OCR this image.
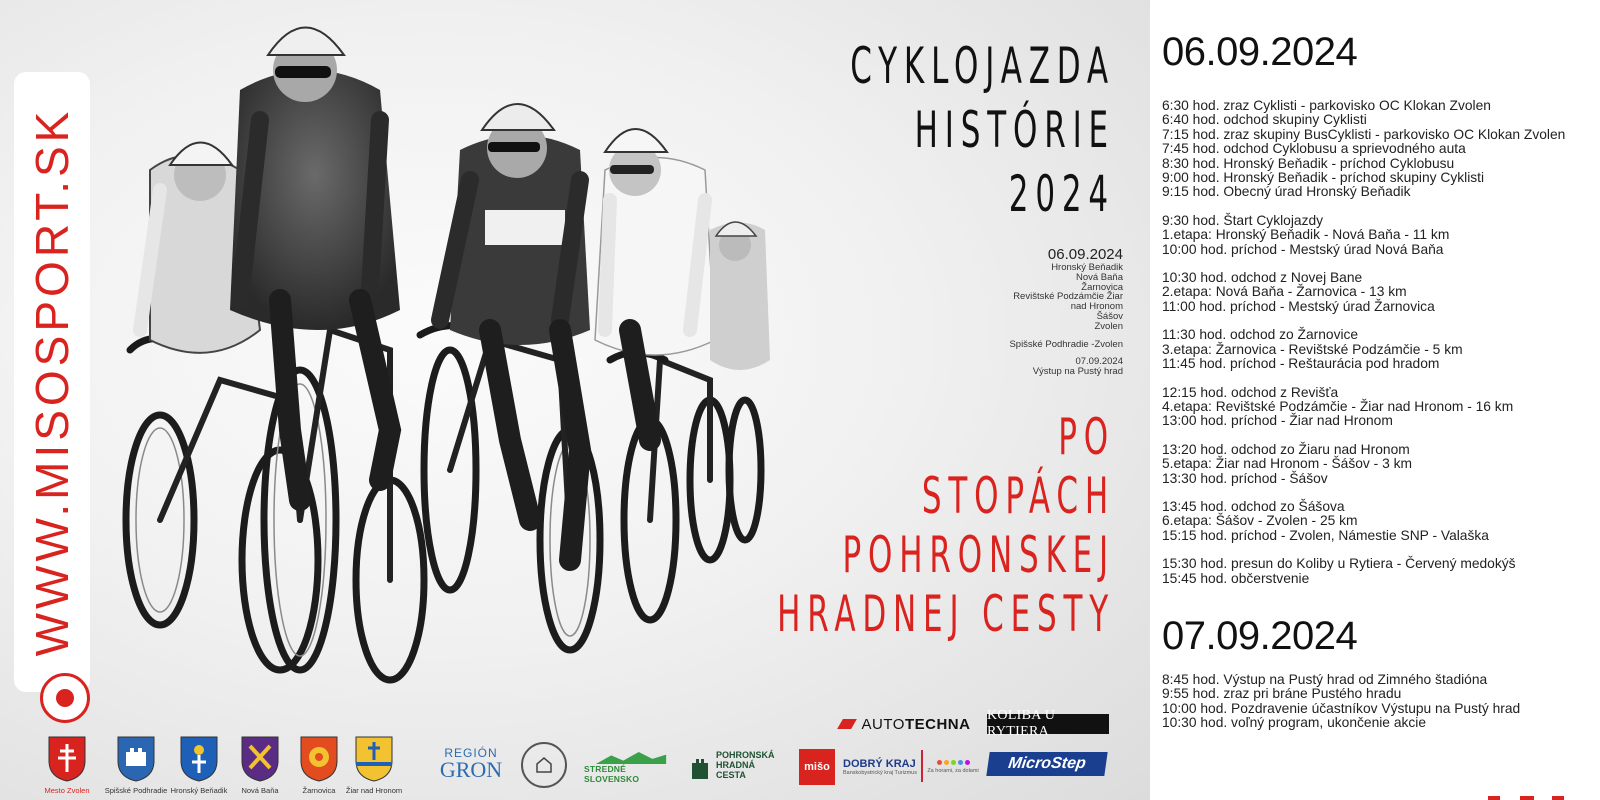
WWW.MISOSPORT.SK
CYKLOJAZDA
HISTÓRIE
2024
06.09.2024
Hronský Beňadik
Nová Baňa
Žarnovica
Revištské Podzámčie Žiar
nad Hronom
Šášov
Zvolen
Spišské Podhradie -Zvolen
07.09.2024
Výstup na Pustý hrad
PO
STOPÁCH
POHRONSKEJ
HRADNEJ CESTY
06.09.2024
6:30 hod. zraz Cyklisti - parkovisko OC Klokan Zvolen
6:40 hod. odchod skupiny Cyklisti
7:15 hod. zraz skupiny BusCyklisti - parkovisko OC Klokan Zvolen
7:45 hod. odchod Cyklobusu a sprievodného auta
8:30 hod. Hronský Beňadik - príchod Cyklobusu
9:00 hod. Hronský Beňadik - príchod skupiny Cyklisti
9:15 hod. Obecný úrad Hronský Beňadik
9:30 hod. Štart Cyklojazdy
1.etapa: Hronský Beňadik - Nová Baňa - 11 km
10:00 hod. príchod - Mestský úrad Nová Baňa
10:30 hod. odchod z Novej Bane
2.etapa: Nová Baňa - Žarnovica - 13 km
11:00 hod. príchod - Mestský úrad Žarnovica
11:30 hod. odchod zo Žarnovice
3.etapa: Žarnovica - Revištské Podzámčie - 5 km
11:45 hod. príchod - Reštaurácia pod hradom
12:15 hod. odchod z Revišťa
4.etapa: Revištské Podzámčie - Žiar nad Hronom - 16 km
13:00 hod. príchod - Žiar nad Hronom
13:20 hod. odchod zo Žiaru nad Hronom
5.etapa: Žiar nad Hronom - Šášov - 3 km
13:30 hod. príchod - Šášov
13:45 hod. odchod zo Šášova
6.etapa: Šášov - Zvolen - 25 km
15:15 hod. príchod - Zvolen, Námestie SNP - Valaška
15:30 hod. presun do Koliby u Rytiera - Červený medokýš
15:45 hod. občerstvenie
07.09.2024
8:45 hod. Výstup na Pustý hrad od Zimného štadióna
9:55 hod. zraz pri bráne Pustého hradu
10:00 hod. Pozdravenie účastníkov Výstupu na Pustý hrad
10:30 hod. voľný program, ukončenie akcie
Mesto Zvolen	Spišské Podhradie Hronský Beňadik	Nová Baňa	Žarnovica	Žiar nad Hronom
AUTO TECHNA KOLIBA U RYTIERA
REGIÓN
GRON	STREDNÉ SLOVENSKO
POHRONSKÁ HRADNÁ CESTA
mišo	DOBRÝ KRAJ
Banskobystrický kraj Turizmus Za horami, za dolami	MicroStep
